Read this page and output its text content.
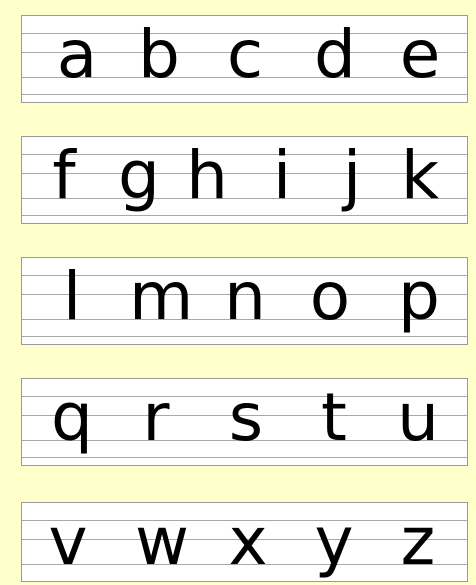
a b c d e
f g h i j k
l m n o p
q r s t u
v w x y z
